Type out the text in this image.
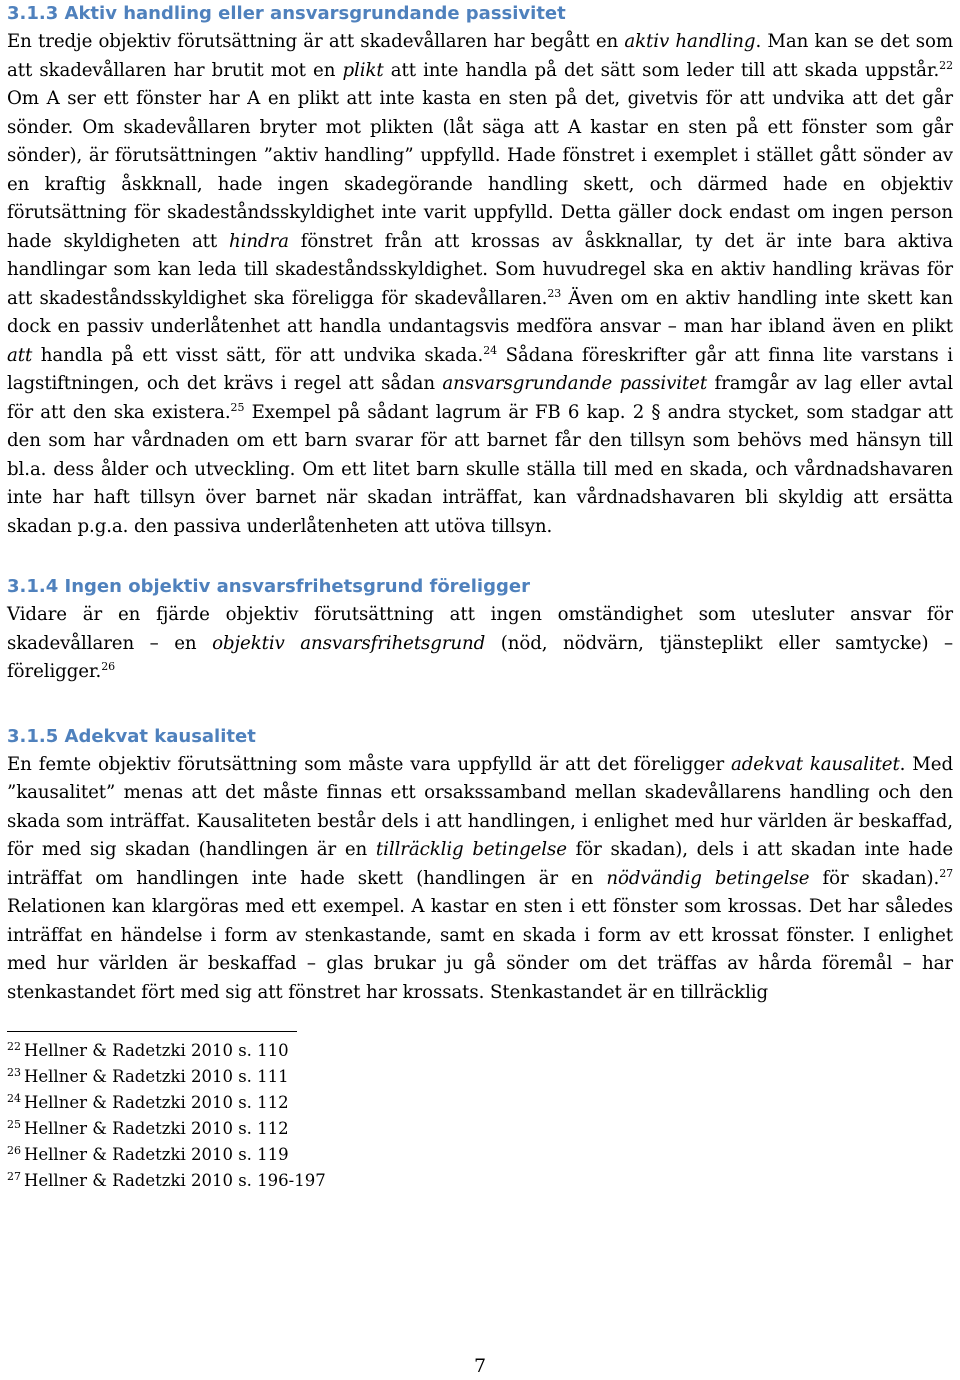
3.1.3 Aktiv handling eller ansvarsgrundande passivitet

En tredje objektiv förutsättning är att skadevållaren har begått en aktiv handling. Man kan se det som att skadevållaren har brutit mot en plikt att inte handla på det sätt som leder till att skada uppstår.$^{22}$ Om A ser ett fönster har A en plikt att inte kasta en sten på det, givetvis för att undvika att det går sönder. Om skadevållaren bryter mot plikten (låt säga att A kastar en sten på ett fönster som går sönder), är förutsättningen ”aktiv handling” uppfylld. Hade fönstret i exemplet i stället gått sönder av en kraftig åskknall, hade ingen skadegörande handling skett, och därmed hade en objektiv förutsättning för skadeståndsskyldighet inte varit uppfylld. Detta gäller dock endast om ingen person hade skyldigheten att hindra fönstret från att krossas av åskknallar, ty det är inte bara aktiva handlingar som kan leda till skadeståndsskyldighet. Som huvudregel ska en aktiv handling krävas för att skadeståndsskyldighet ska föreligga för skadevållaren.$^{23}$ Även om en aktiv handling inte skett kan dock en passiv underlåtenhet att handla undantagsvis medföra ansvar – man har ibland även en plikt att handla på ett visst sätt, för att undvika skada.$^{24}$ Sådana föreskrifter går att finna lite varstans i lagstiftningen, och det krävs i regel att sådan ansvarsgrundande passivitet framgår av lag eller avtal för att den ska existera.$^{25}$ Exempel på sådant lagrum är FB 6 kap. 2 § andra stycket, som stadgar att den som har vårdnaden om ett barn svarar för att barnet får den tillsyn som behövs med hänsyn till bl.a. dess ålder och utveckling. Om ett litet barn skulle ställa till med en skada, och vårdnadshavaren inte har haft tillsyn över barnet när skadan inträffat, kan vårdnadshavaren bli skyldig att ersätta skadan p.g.a. den passiva underlåtenheten att utöva tillsyn.

3.1.4 Ingen objektiv ansvarsfrihetsgrund föreligger

Vidare är en fjärde objektiv förutsättning att ingen omständighet som utesluter ansvar för skadevållaren – en objektiv ansvarsfrihetsgrund (nöd, nödvärn, tjänsteplikt eller samtycke) – föreligger.$^{26}$

3.1.5 Adekvat kausalitet

En femte objektiv förutsättning som måste vara uppfylld är att det föreligger adekvat kausalitet. Med ”kausalitet” menas att det måste finnas ett orsakssamband mellan skadevållarens handling och den skada som inträffat. Kausaliteten består dels i att handlingen, i enlighet med hur världen är beskaffad, för med sig skadan (handlingen är en tillräcklig betingelse för skadan), dels i att skadan inte hade inträffat om handlingen inte hade skett (handlingen är en nödvändig betingelse för skadan).$^{27}$ Relationen kan klargöras med ett exempel. A kastar en sten i ett fönster som krossas. Det har således inträffat en händelse i form av stenkastande, samt en skada i form av ett krossat fönster. I enlighet med hur världen är beskaffad – glas brukar ju gå sönder om det träffas av hårda föremål – har stenkastandet fört med sig att fönstret har krossats. Stenkastandet är en tillräcklig

$^{22}$ Hellner & Radetzki 2010 s. 110
$^{23}$ Hellner & Radetzki 2010 s. 111
$^{24}$ Hellner & Radetzki 2010 s. 112
$^{25}$ Hellner & Radetzki 2010 s. 112
$^{26}$ Hellner & Radetzki 2010 s. 119
$^{27}$ Hellner & Radetzki 2010 s. 196-197
7
